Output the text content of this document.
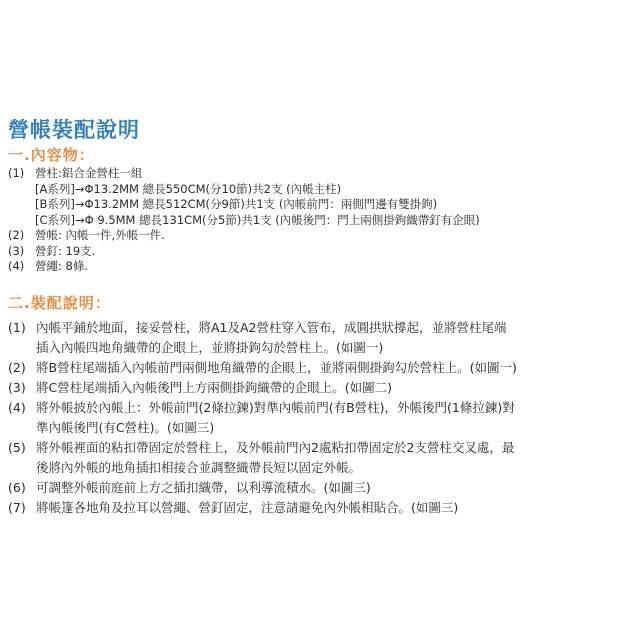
營帳裝配說明
一.內容物：
(1) 營柱:鋁合金營柱一組
[A系列]→Φ13.2MM 總長550CM(分10節)共2支 (內帳主柱)
[B系列]→Φ13.2MM 總長512CM(分9節)共1支 (內帳前門：兩側門邊有雙掛鉤)
[C系列]→Φ 9.5MM 總長131CM(分5節)共1支 (內帳後門：門上兩側掛鉤織帶釘有企眼)
(2) 營帳: 內帳一件,外帳一件.
(3) 營釘: 19支.
(4) 營繩: 8條.
二.裝配說明：
(1) 內帳平鋪於地面，接妥營柱，將A1及A2營柱穿入管布，成圓拱狀撐起，並將營柱尾端
插入內帳四地角織帶的企眼上，並將掛鉤勾於營柱上。(如圖一)
(2) 將B營柱尾端插入內帳前門兩側地角織帶的企眼上，並將兩側掛鉤勾於營柱上。(如圖一)
(3) 將C營柱尾端插入內帳後門上方兩側掛鉤織帶的企眼上。(如圖二)
(4) 將外帳披於內帳上：外帳前門(2條拉鍊)對準內帳前門(有B營柱)，外帳後門(1條拉鍊)對
準內帳後門(有C營柱)。(如圖三)
(5) 將外帳裡面的粘扣帶固定於營柱上，及外帳前門內2處粘扣帶固定於2支營柱交叉處，最
後將內外帳的地角插扣相接合並調整織帶長短以固定外帳。
(6) 可調整外帳前庭前上方之插扣織帶，以利導流積水。(如圖三)
(7) 將帳篷各地角及拉耳以營繩、營釘固定，注意請避免內外帳相貼合。(如圖三)
